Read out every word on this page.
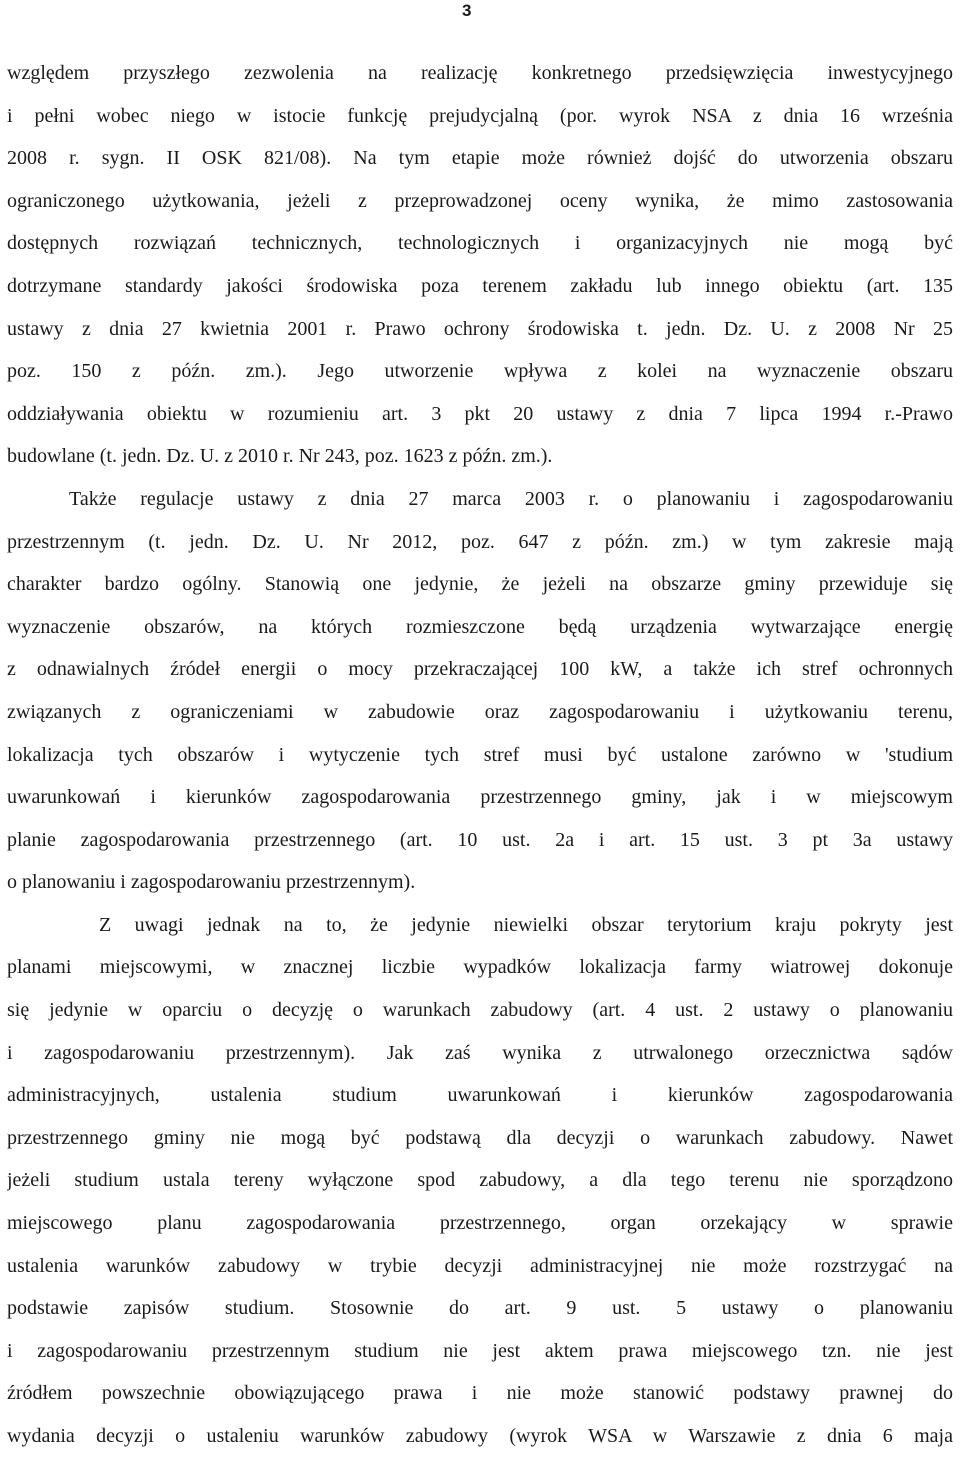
3
względem przyszłego zezwolenia na realizację konkretnego przedsięwzięcia inwestycyjnego
i pełni wobec niego w istocie funkcję prejudycjalną (por. wyrok NSA z dnia 16 września
2008 r. sygn. II OSK 821/08). Na tym etapie może również dojść do utworzenia obszaru
ograniczonego użytkowania, jeżeli z przeprowadzonej oceny wynika, że mimo zastosowania
dostępnych rozwiązań technicznych, technologicznych i organizacyjnych nie mogą być
dotrzymane standardy jakości środowiska poza terenem zakładu lub innego obiektu (art. 135
ustawy z dnia 27 kwietnia 2001 r. Prawo ochrony środowiska t. jedn. Dz. U. z 2008 Nr 25
poz. 150 z późn. zm.). Jego utworzenie wpływa z kolei na wyznaczenie obszaru
oddziaływania obiektu w rozumieniu art. 3 pkt 20 ustawy z dnia 7 lipca 1994 r.-Prawo
budowlane (t. jedn. Dz. U. z 2010 r. Nr 243, poz. 1623 z późn. zm.).
Także regulacje ustawy z dnia 27 marca 2003 r. o planowaniu i zagospodarowaniu
przestrzennym (t. jedn. Dz. U. Nr 2012, poz. 647 z późn. zm.) w tym zakresie mają
charakter bardzo ogólny. Stanowią one jedynie, że jeżeli na obszarze gminy przewiduje się
wyznaczenie obszarów, na których rozmieszczone będą urządzenia wytwarzające energię
z odnawialnych źródeł energii o mocy przekraczającej 100 kW, a także ich stref ochronnych
związanych z ograniczeniami w zabudowie oraz zagospodarowaniu i użytkowaniu terenu,
lokalizacja tych obszarów i wytyczenie tych stref musi być ustalone zarówno w 'studium
uwarunkowań i kierunków zagospodarowania przestrzennego gminy, jak i w miejscowym
planie zagospodarowania przestrzennego (art. 10 ust. 2a i art. 15 ust. 3 pt 3a ustawy
o planowaniu i zagospodarowaniu przestrzennym).
Z uwagi jednak na to, że jedynie niewielki obszar terytorium kraju pokryty jest
planami miejscowymi, w znacznej liczbie wypadków lokalizacja farmy wiatrowej dokonuje
się jedynie w oparciu o decyzję o warunkach zabudowy (art. 4 ust. 2 ustawy o planowaniu
i zagospodarowaniu przestrzennym). Jak zaś wynika z utrwalonego orzecznictwa sądów
administracyjnych, ustalenia studium uwarunkowań i kierunków zagospodarowania
przestrzennego gminy nie mogą być podstawą dla decyzji o warunkach zabudowy. Nawet
jeżeli studium ustala tereny wyłączone spod zabudowy, a dla tego terenu nie sporządzono
miejscowego planu zagospodarowania przestrzennego, organ orzekający w sprawie
ustalenia warunków zabudowy w trybie decyzji administracyjnej nie może rozstrzygać na
podstawie zapisów studium. Stosownie do art. 9 ust. 5 ustawy o planowaniu
i zagospodarowaniu przestrzennym studium nie jest aktem prawa miejscowego tzn. nie jest
źródłem powszechnie obowiązującego prawa i nie może stanowić podstawy prawnej do
wydania decyzji o ustaleniu warunków zabudowy (wyrok WSA w Warszawie z dnia 6 maja
